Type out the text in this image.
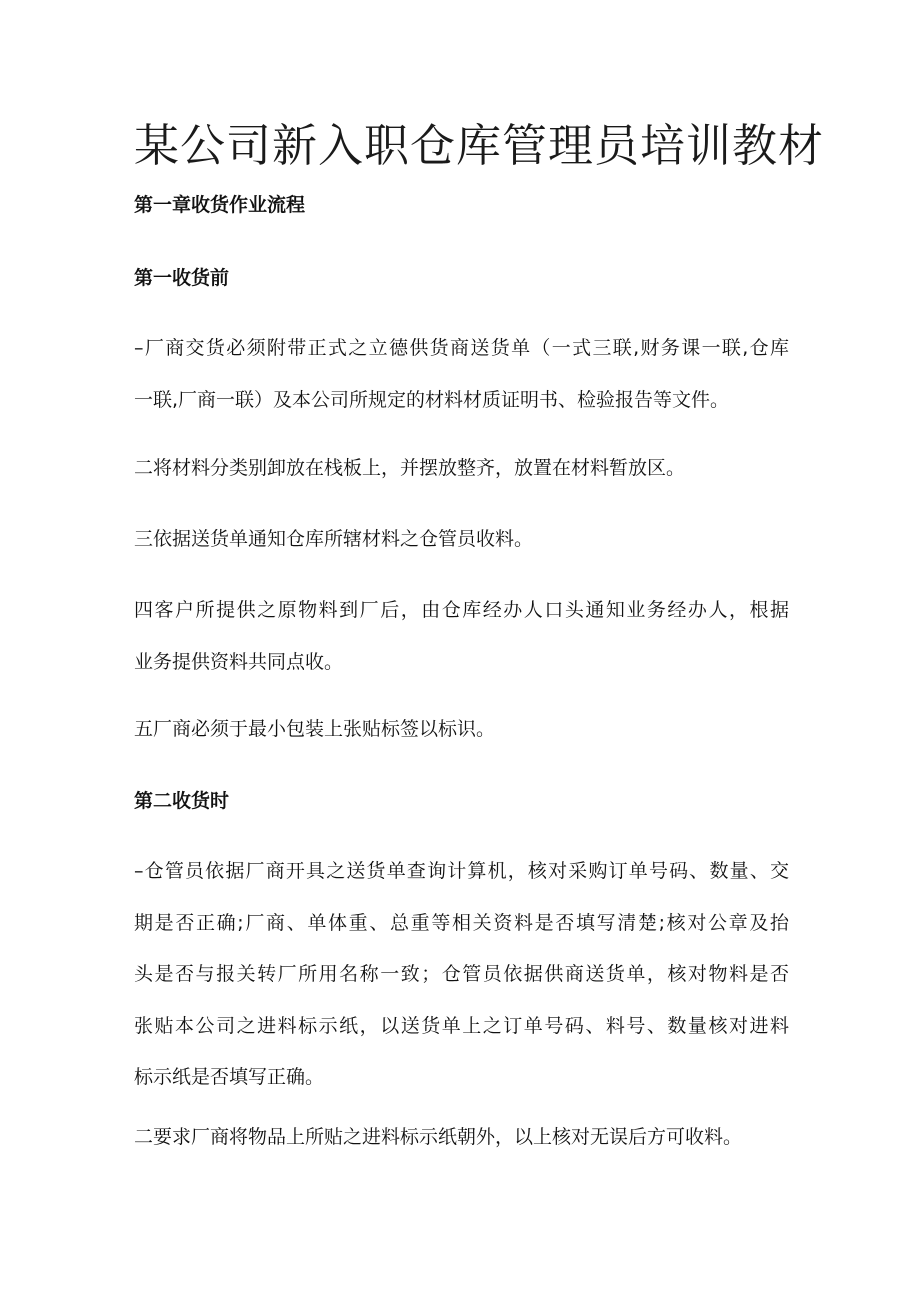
某公司新入职仓库管理员培训教材
第一章收货作业流程
第一收货前

–厂商交货必须附带正式之立德供货商送货单（一式三联,财务课一联,仓库
一联,厂商一联）及本公司所规定的材料材质证明书、检验报告等文件。

二将材料分类别卸放在栈板上，并摆放整齐，放置在材料暂放区。

三依据送货单通知仓库所辖材料之仓管员收料。

四客户所提供之原物料到厂后，由仓库经办人口头通知业务经办人，根据
业务提供资料共同点收。

五厂商必须于最小包装上张贴标签以标识。

第二收货时

–仓管员依据厂商开具之送货单查询计算机，核对采购订单号码、数量、交
期是否正确;厂商、单体重、总重等相关资料是否填写清楚;核对公章及抬
头是否与报关转厂所用名称一致；仓管员依据供商送货单，核对物料是否
张贴本公司之进料标示纸，以送货单上之订单号码、料号、数量核对进料
标示纸是否填写正确。

二要求厂商将物品上所贴之进料标示纸朝外，以上核对无误后方可收料。
